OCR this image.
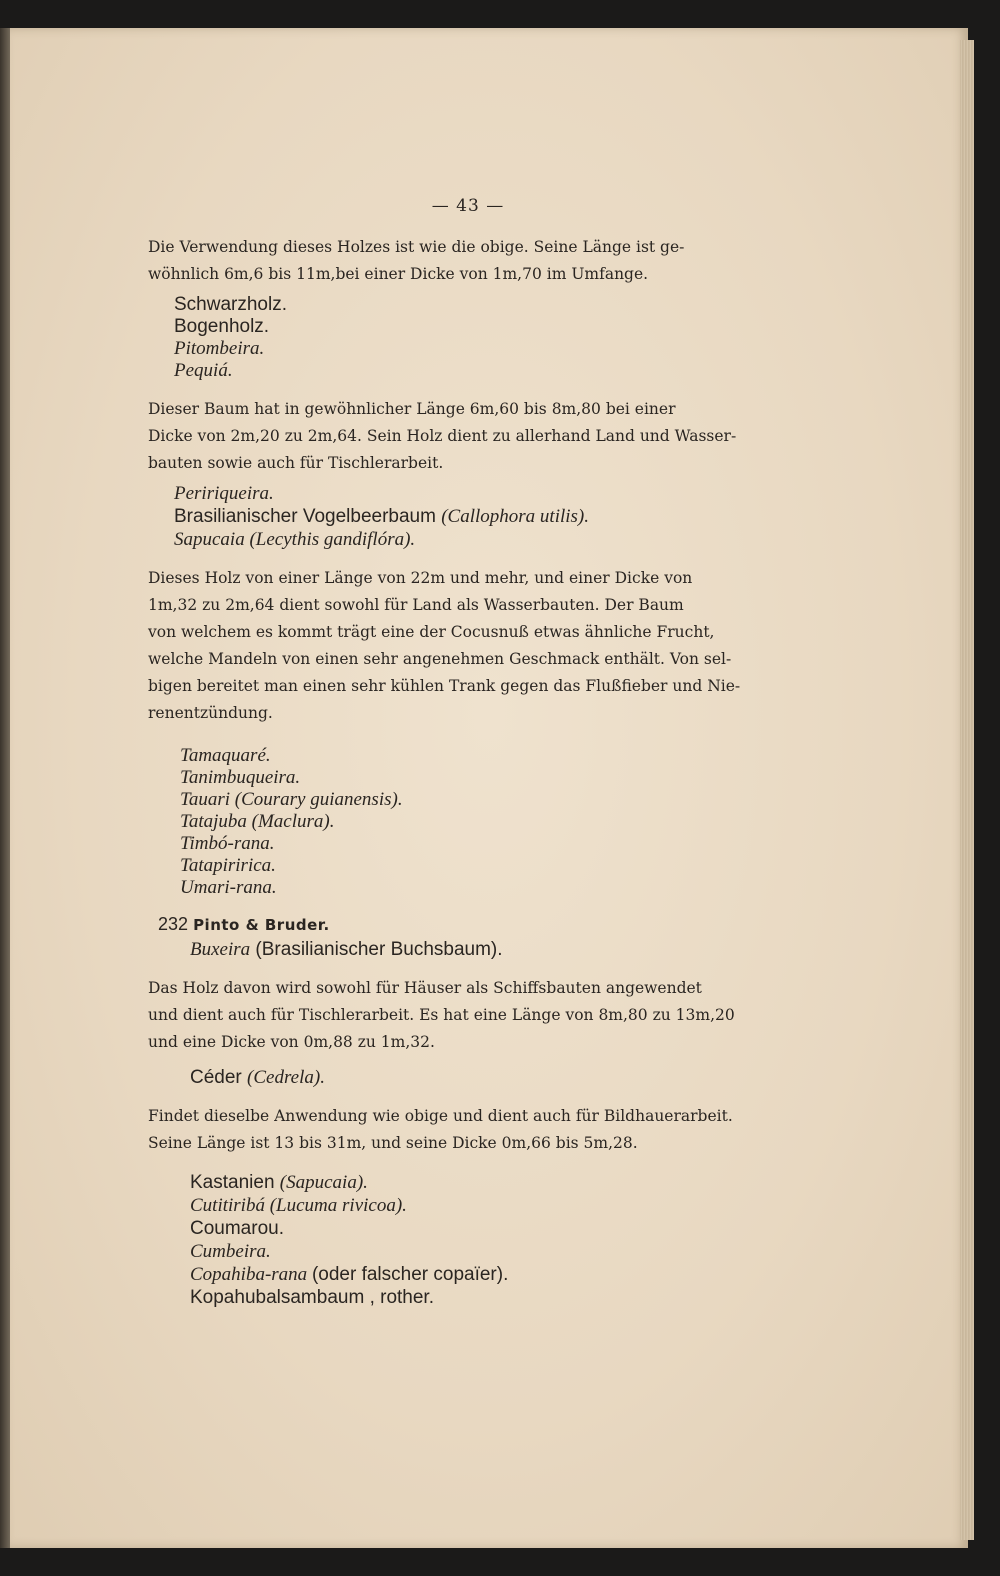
— 43 —

Die Verwendung dieses Holzes ist wie die obige. Seine Länge ist ge-
wöhnlich 6m,6 bis 11m,bei einer Dicke von 1m,70 im Umfange.

Schwarzholz.
Bogenholz.
Pitombeira.
Pequiá.

Dieser Baum hat in gewöhnlicher Länge 6m,60 bis 8m,80 bei einer
Dicke von 2m,20 zu 2m,64. Sein Holz dient zu allerhand Land und Wasser-
bauten sowie auch für Tischlerarbeit.

Peririqueira.
Brasilianischer Vogelbeerbaum (Callophora utilis).
Sapucaia (Lecythis gandiflóra).

Dieses Holz von einer Länge von 22m und mehr, und einer Dicke von
1m,32 zu 2m,64 dient sowohl für Land als Wasserbauten. Der Baum
von welchem es kommt trägt eine der Cocusnuß etwas ähnliche Frucht,
welche Mandeln von einen sehr angenehmen Geschmack enthält. Von sel-
bigen bereitet man einen sehr kühlen Trank gegen das Flußfieber und Nie-
renentzündung.

Tamaquaré.
Tanimbuqueira.
Tauari (Courary guianensis).
Tatajuba (Maclura).
Timbó-rana.
Tatapiririca.
Umari-rana.
232 Pinto & Bruder.
Buxeira (Brasilianischer Buchsbaum).

Das Holz davon wird sowohl für Häuser als Schiffsbauten angewendet
und dient auch für Tischlerarbeit. Es hat eine Länge von 8m,80 zu 13m,20
und eine Dicke von 0m,88 zu 1m,32.

Céder (Cedrela).

Findet dieselbe Anwendung wie obige und dient auch für Bildhauerarbeit.
Seine Länge ist 13 bis 31m, und seine Dicke 0m,66 bis 5m,28.

Kastanien (Sapucaia).
Cutitiribá (Lucuma rivicoa).
Coumarou.
Cumbeira.
Copahiba-rana (oder falscher copaïer).
Kopahubalsambaum , rother.
